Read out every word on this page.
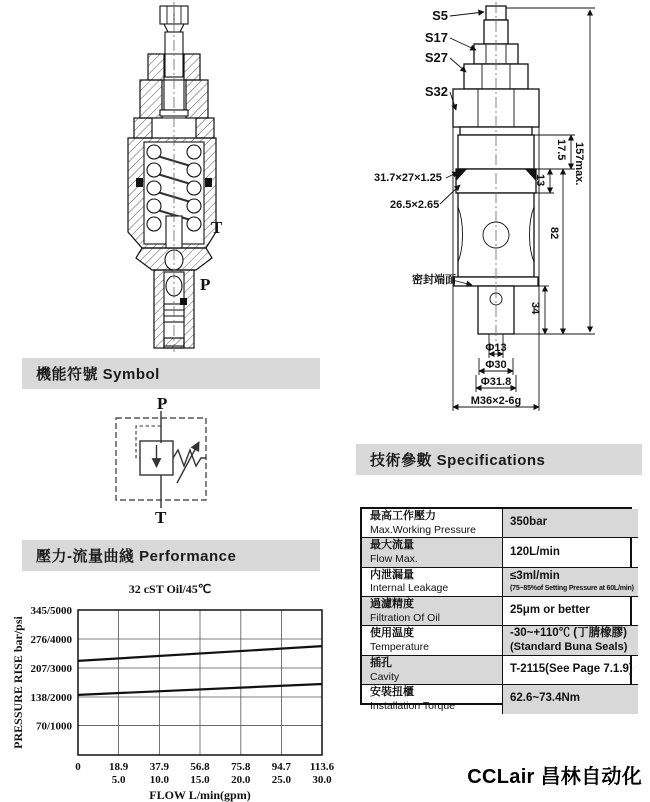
T
P
S5
S17
S27
S32
31.7×27×1.25
26.5×2.65
密封端面
157max.
17.5
13
82
34
Φ13
Φ30
Φ31.8
M36×2-6g
機能符號 Symbol
P
T
技術參數 Specifications
最高工作壓力
Max.Working Pressure
350bar
最大流量
Flow Max.
120L/min
内泄漏量
Internal Leakage
≤3ml/min
(75~85%of Setting Pressure at 60L/min)
過濾精度
Filtration Of Oil
25μm or better
使用温度
Temperature
-30~+110℃ (丁腈橡膠)
(Standard Buna Seals)
插孔
Cavity
T-2115(See Page 7.1.9)
安裝扭櫃
Installation Torque
62.6~73.4Nm
壓力-流量曲綫 Performance
32 cST Oil/45℃
345/5000
276/4000
207/3000
138/2000
70/1000
0	18.9
5.0
37.9
10.0
56.8
15.0
75.8
20.0
94.7
25.0
113.6
30.0
FLOW L/min(gpm)
PRESSURE RISE bar/psi
CCLair 昌林自动化
